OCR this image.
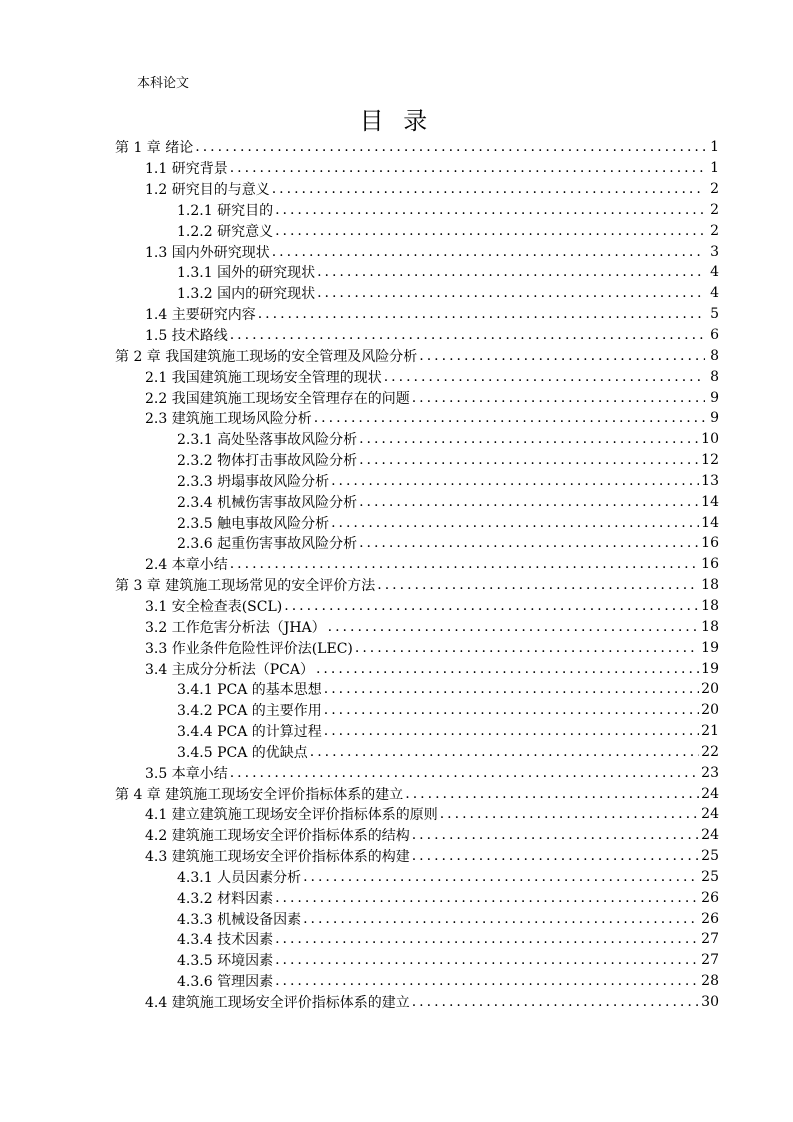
本科论文
目 录
第 1 章 绪论 .....	1
1.1 研究背景 .....	1
1.2 研究目的与意义 .....	2
1.2.1 研究目的 .....	2
1.2.2 研究意义 .....	2
1.3 国内外研究现状 .....	3
1.3.1 国外的研究现状 .....	4
1.3.2 国内的研究现状 .....	4
1.4 主要研究内容 .....	5
1.5 技术路线 .....	6
第 2 章 我国建筑施工现场的安全管理及风险分析 .....	8
2.1 我国建筑施工现场安全管理的现状 .....	8
2.2 我国建筑施工现场安全管理存在的问题 .....	9
2.3 建筑施工现场风险分析 .....	9
2.3.1 高处坠落事故风险分析 .....	10
2.3.2 物体打击事故风险分析 .....	12
2.3.3 坍塌事故风险分析 .....	13
2.3.4 机械伤害事故风险分析 .....	14
2.3.5 触电事故风险分析 .....	14
2.3.6 起重伤害事故风险分析 .....	16
2.4 本章小结 .....	16
第 3 章 建筑施工现场常见的安全评价方法 .....	18
3.1 安全检查表(SCL) .....	18
3.2 工作危害分析法（JHA） .....	18
3.3 作业条件危险性评价法(LEC) .....	19
3.4 主成分分析法（PCA） .....	19
3.4.1 PCA 的基本思想 .....	20
3.4.2 PCA 的主要作用 .....	20
3.4.4 PCA 的计算过程 .....	21
3.4.5 PCA 的优缺点 .....	22
3.5 本章小结 .....	23
第 4 章 建筑施工现场安全评价指标体系的建立 .....	24
4.1 建立建筑施工现场安全评价指标体系的原则 .....	24
4.2 建筑施工现场安全评价指标体系的结构 .....	24
4.3 建筑施工现场安全评价指标体系的构建 .....	25
4.3.1 人员因素分析 .....	25
4.3.2 材料因素 .....	26
4.3.3 机械设备因素 .....	26
4.3.4 技术因素 .....	27
4.3.5 环境因素 .....	27
4.3.6 管理因素 .....	28
4.4 建筑施工现场安全评价指标体系的建立 .....	30
